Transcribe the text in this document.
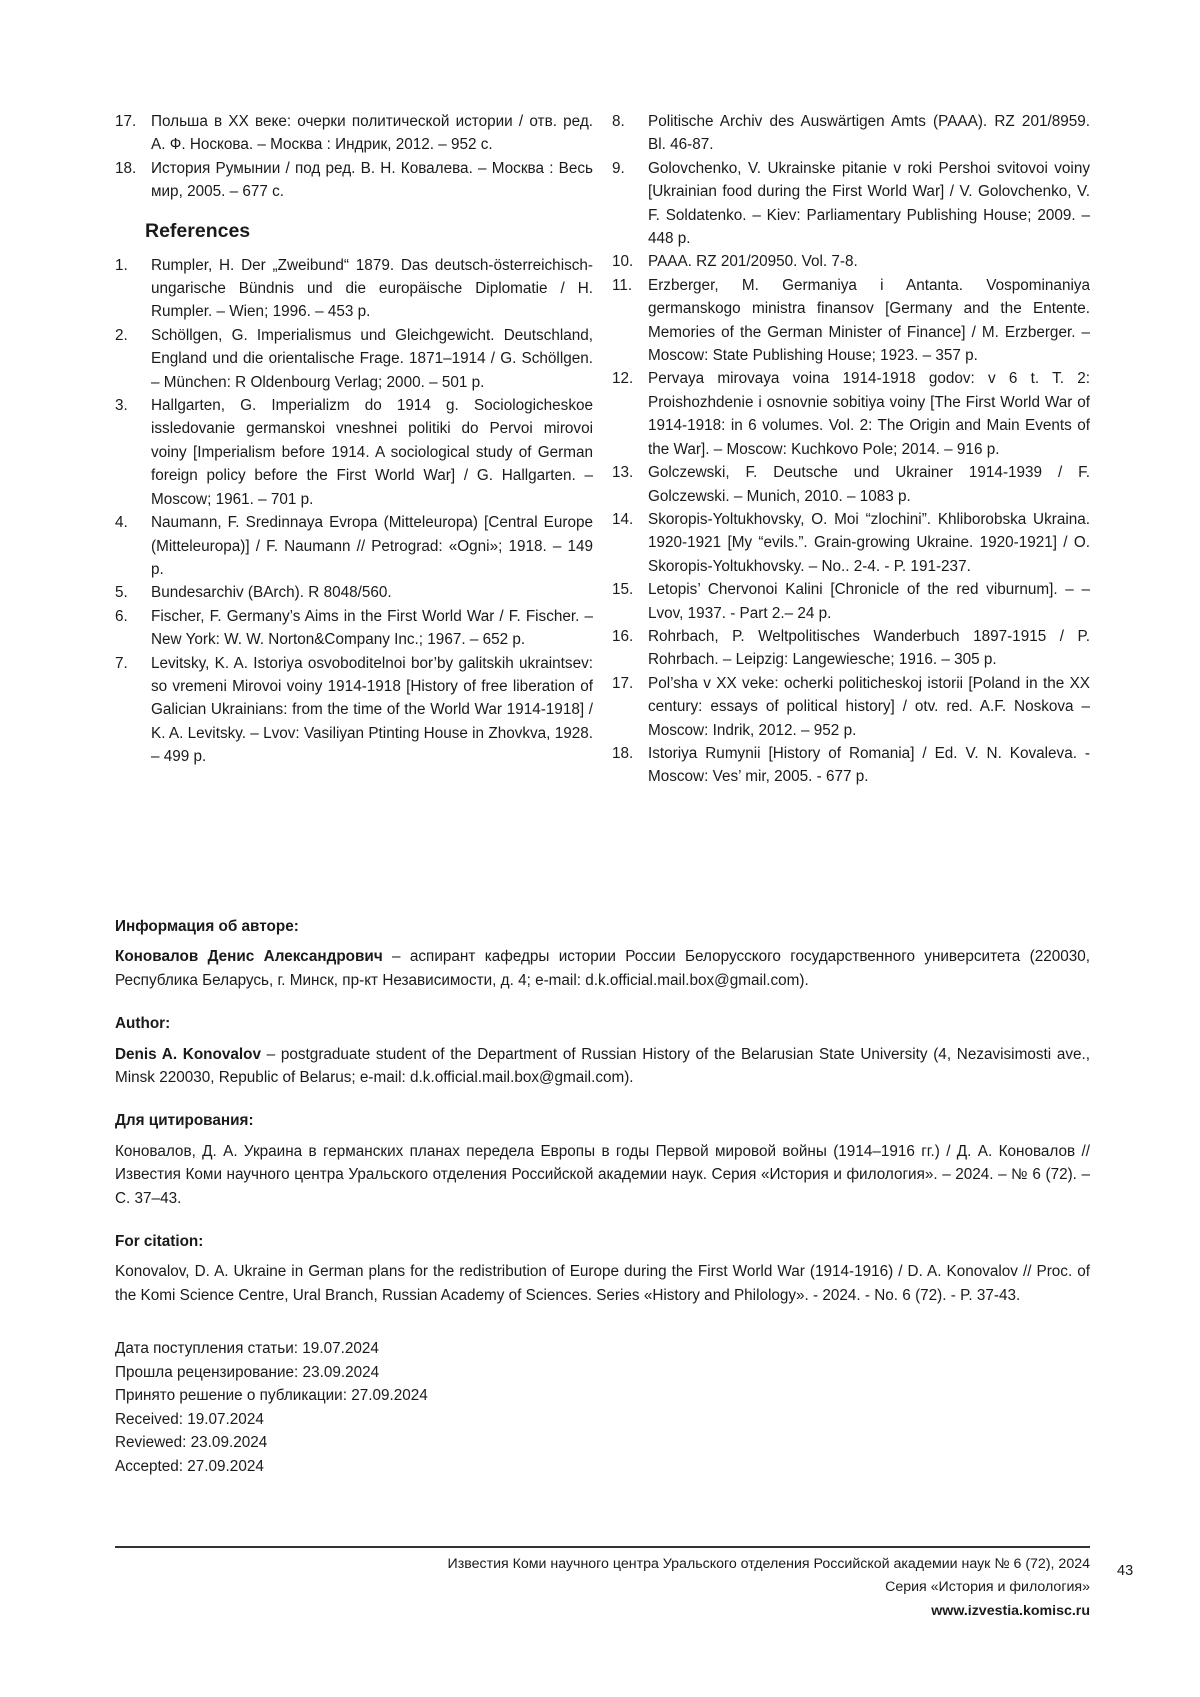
17. Польша в XX веке: очерки политической истории / отв. ред. А. Ф. Носкова. – Москва : Индрик, 2012. – 952 с.
18. История Румынии / под ред. В. Н. Ковалева. – Москва : Весь мир, 2005. – 677 с.
References
1.	Rumpler, H. Der „Zweibund“ 1879. Das deutsch-österreichisch-ungarische Bündnis und die europäische Diplomatie / H. Rumpler. – Wien; 1996. – 453 p.
2.	Schöllgen, G. Imperialismus und Gleichgewicht. Deutschland, England und die orientalische Frage. 1871–1914 / G. Schöllgen. – München: R Oldenbourg Verlag; 2000. – 501 p.
3.	Hallgarten, G. Imperializm do 1914 g. Sociologicheskoe issledovanie germanskoi vneshnei politiki do Pervoi mirovoi voiny [Imperialism before 1914. A sociological study of German foreign policy before the First World War] / G. Hallgarten. – Moscow; 1961. – 701 p.
4.	Naumann, F. Sredinnaya Evropa (Mitteleuropa) [Central Europe (Mitteleuropa)] / F. Naumann // Petrograd: «Ogni»; 1918. – 149 p.
5.	Bundesarchiv (BArch). R 8048/560.
6.	Fischer, F. Germany’s Aims in the First World War / F. Fischer. – New York: W. W. Norton&Company Inc.; 1967. – 652 p.
7.	Levitsky, K. A. Istoriya osvoboditelnoi bor’by galitskih ukraintsev: so vremeni Mirovoi voiny 1914-1918 [History of free liberation of Galician Ukrainians: from the time of the World War 1914-1918] / K. A. Levitsky. – Lvov: Vasiliyan Ptinting House in Zhovkva, 1928. – 499 p.
8.	Politische Archiv des Auswärtigen Amts (PAAA). RZ 201/8959. Bl. 46-87.
9.	Golovchenko, V. Ukrainske pitanie v roki Pershoi svitovoi voiny [Ukrainian food during the First World War] / V. Golovchenko, V. F. Soldatenko. – Kiev: Parliamentary Publishing House; 2009. – 448 p.
10. PAAA. RZ 201/20950. Vol. 7-8.
11.	Erzberger, M. Germaniya i Antanta. Vospominaniya germanskogo ministra finansov [Germany and the Entente. Memories of the German Minister of Finance] / M. Erzberger. – Moscow: State Publishing House; 1923. – 357 p.
12. Pervaya mirovaya voina 1914-1918 godov: v 6 t. T. 2: Proishozhdenie i osnovnie sobitiya voiny [The First World War of 1914-1918: in 6 volumes. Vol. 2: The Origin and Main Events of the War]. – Moscow: Kuchkovo Pole; 2014. – 916 p.
13. Golczewski, F. Deutsche und Ukrainer 1914-1939 / F. Golczewski. – Munich, 2010. – 1083 p.
14. Skoropis-Yoltukhovsky, O. Moi “zlochini”. Khliborobska Ukraina. 1920-1921 [My “evils.”. Grain-growing Ukraine. 1920-1921] / O. Skoropis-Yoltukhovsky. – No.. 2-4. - P. 191-237.
15. Letopis’ Chervonoi Kalini [Chronicle of the red viburnum]. – – Lvov, 1937. - Part 2.– 24 p.
16. Rohrbach, P. Weltpolitisches Wanderbuch 1897-1915 / P. Rohrbach. – Leipzig: Langewiesche; 1916. – 305 p.
17. Pol’sha v XX veke: ocherki politicheskoj istorii [Poland in the XX century: essays of political history] / otv. red. A.F. Noskova – Moscow: Indrik, 2012. – 952 p.
18. Istoriya Rumynii [History of Romania] / Ed. V. N. Kovaleva. - Moscow: Ves’ mir, 2005. - 677 p.
Информация об авторе:
Коновалов Денис Александрович – аспирант кафедры истории России Белорусского государственного университета (220030, Республика Беларусь, г. Минск, пр-кт Независимости, д. 4; e-mail: d.k.official.mail.box@gmail.com).
Author:
Denis A. Konovalov – postgraduate student of the Department of Russian History of the Belarusian State University (4, Nezavisimosti ave., Minsk 220030, Republic of Belarus; e-mail: d.k.official.mail.box@gmail.com).
Для цитирования:
Коновалов, Д. А. Украина в германских планах передела Европы в годы Первой мировой войны (1914–1916 гг.) / Д. А. Коновалов // Известия Коми научного центра Уральского отделения Российской академии наук. Серия «История и филология». – 2024. – № 6 (72). – С. 37–43.
For citation:
Konovalov, D. A. Ukraine in German plans for the redistribution of Europe during the First World War (1914-1916) / D. A. Konovalov // Proc. of the Komi Science Centre, Ural Branch, Russian Academy of Sciences. Series «History and Philology». - 2024. - No. 6 (72). - P. 37-43.
Дата поступления статьи: 19.07.2024
Прошла рецензирование: 23.09.2024
Принято решение о публикации: 27.09.2024
Received: 19.07.2024
Reviewed: 23.09.2024
Accepted: 27.09.2024
Известия Коми научного центра Уральского отделения Российской академии наук № 6 (72), 2024
Серия «История и филология»
www.izvestia.komisc.ru
43
